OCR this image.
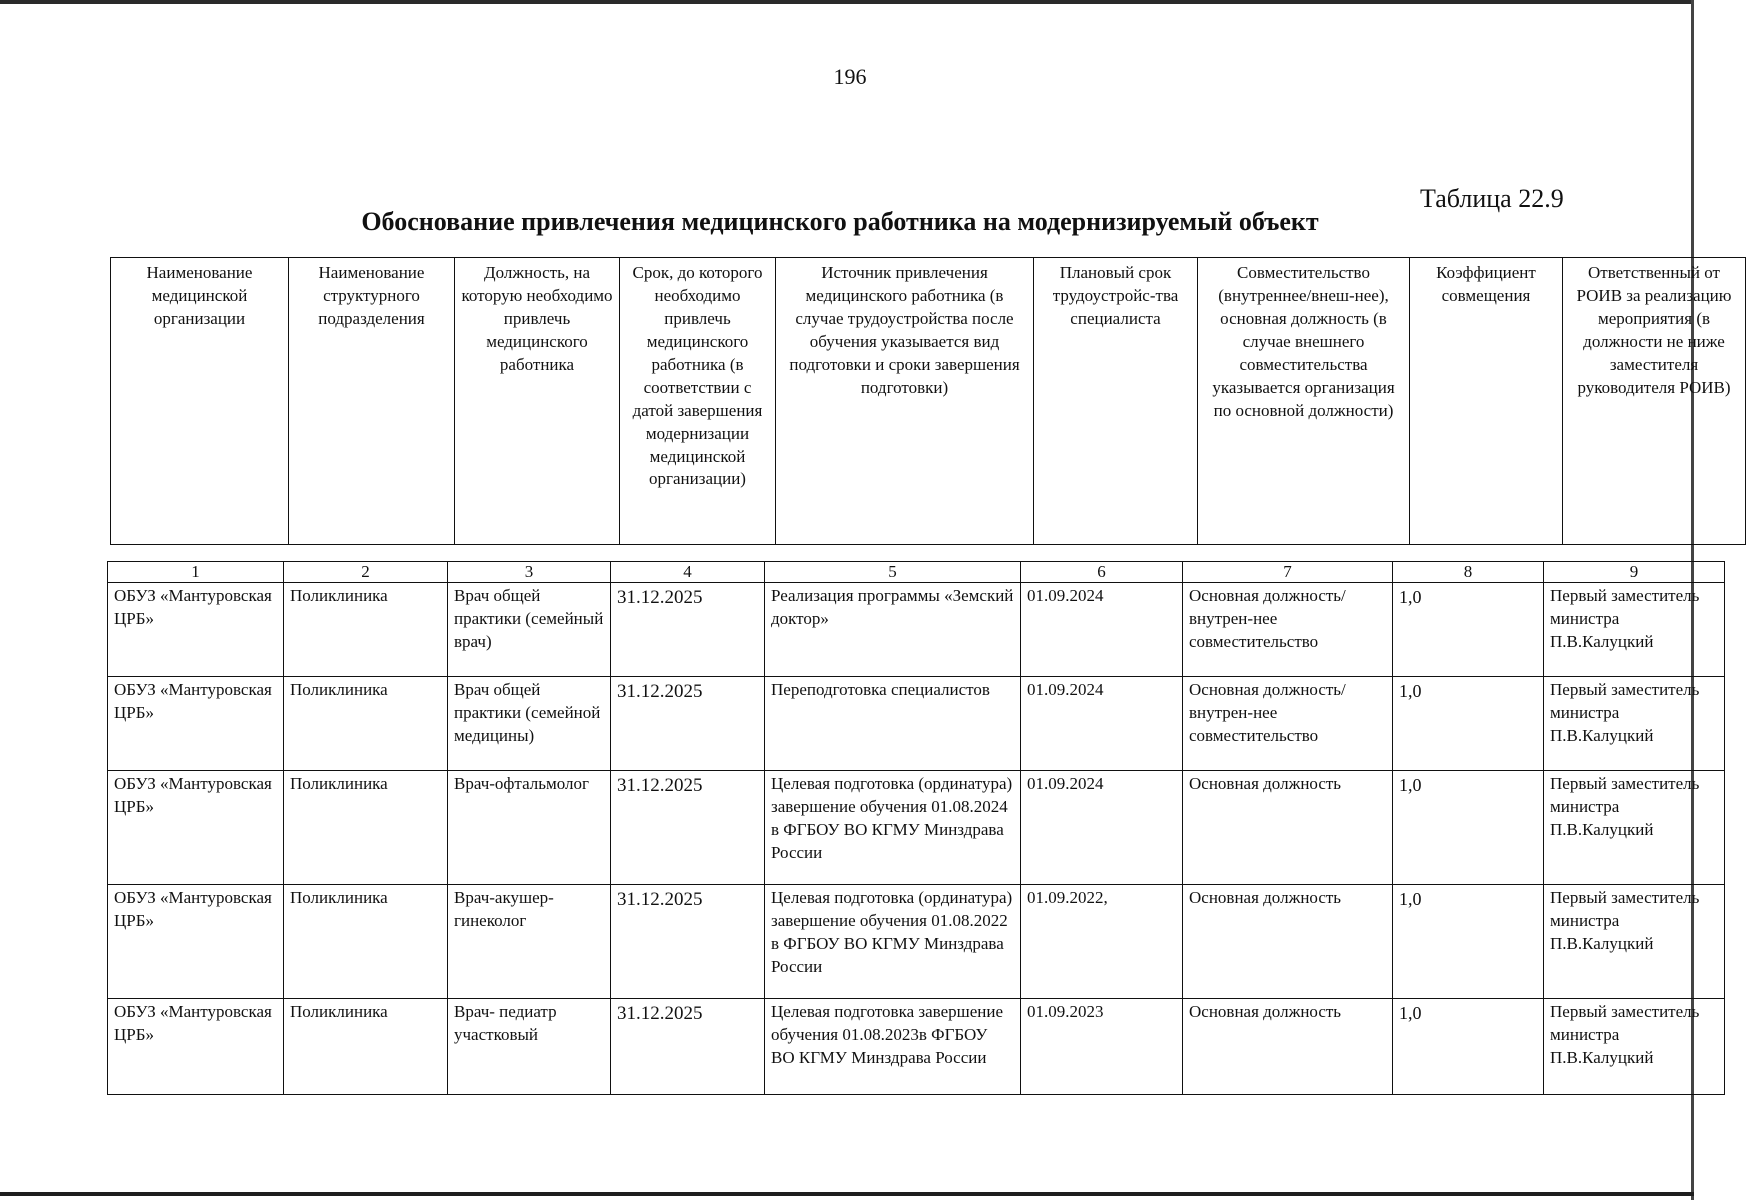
196
Таблица 22.9
Обоснование привлечения медицинского работника на модернизируемый объект
Наименование медицинской организации	Наименование структурного подразделения	Должность, на которую необходимо привлечь медицинского работника	Срок, до которого необходимо привлечь медицинского работника (в соответствии с датой завершения модернизации медицинской организации)	Источник привлечения медицинского работника (в случае трудоустройства после обучения указывается вид подготовки и сроки завершения подготовки)	Плановый срок трудоустройс-тва специалиста	Совместительство (внутреннее/внеш-нее), основная должность (в случае внешнего совместительства указывается организация по основной должности)	Коэффициент совмещения	Ответственный от РОИВ за реализацию мероприятия (в должности не ниже заместителя руководителя РОИВ)
1	2	3	4	5	6	7	8	9
ОБУЗ «Мантуровская ЦРБ»	Поликлиника	Врач общей практики (семейный врач)	31.12.2025	Реализация программы «Земский доктор»	01.09.2024	Основная должность/внутрен-нее совместительство	1,0	Первый заместитель министра П.В.Калуцкий
ОБУЗ «Мантуровская ЦРБ»	Поликлиника	Врач общей практики (семейной медицины)	31.12.2025	Переподготовка специалистов	01.09.2024	Основная должность/внутрен-нее совместительство	1,0	Первый заместитель министра П.В.Калуцкий
ОБУЗ «Мантуровская ЦРБ»	Поликлиника	Врач-офтальмолог	31.12.2025	Целевая подготовка (ординатура) завершение обучения 01.08.2024 в ФГБОУ ВО КГМУ Минздрава России	01.09.2024	Основная должность	1,0	Первый заместитель министра П.В.Калуцкий
ОБУЗ «Мантуровская ЦРБ»	Поликлиника	Врач-акушер-гинеколог	31.12.2025	Целевая подготовка (ординатура) завершение обучения 01.08.2022 в ФГБОУ ВО КГМУ Минздрава России	01.09.2022,	Основная должность	1,0	Первый заместитель министра П.В.Калуцкий
ОБУЗ «Мантуровская ЦРБ»	Поликлиника	Врач- педиатр участковый	31.12.2025	Целевая подготовка завершение обучения 01.08.2023в ФГБОУ ВО КГМУ Минздрава России	01.09.2023	Основная должность	1,0	Первый заместитель министра П.В.Калуцкий
